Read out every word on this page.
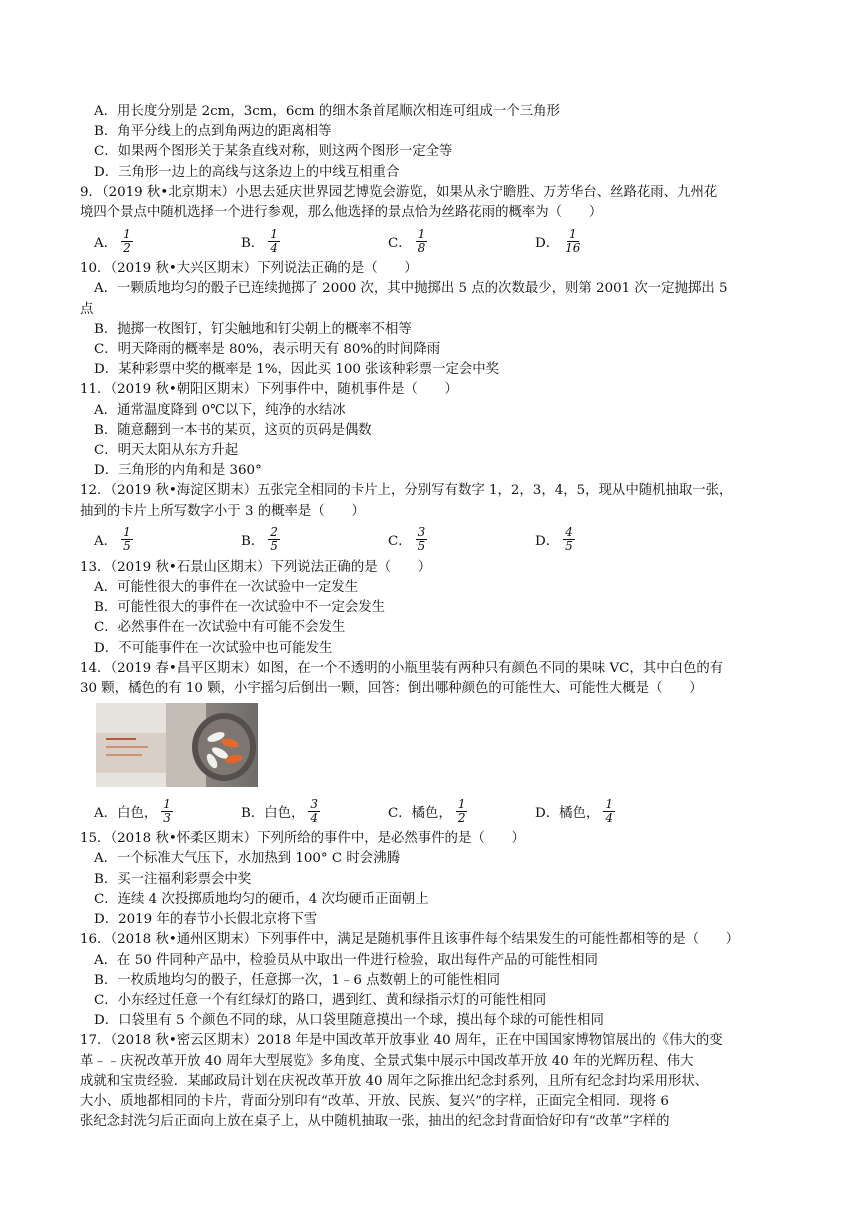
A．用长度分别是 2cm，3cm，6cm 的细木条首尾顺次相连可组成一个三角形
B．角平分线上的点到角两边的距离相等
C．如果两个图形关于某条直线对称，则这两个图形一定全等
D．三角形一边上的高线与这条边上的中线互相重合
9．（2019 秋•北京期末）小思去延庆世界园艺博览会游览，如果从永宁瞻胜、万芳华台、丝路花雨、九州花
境四个景点中随机选择一个进行参观，那么他选择的景点恰为丝路花雨的概率为（　　）
A． $\frac{1}{2}$	B． $\frac{1}{4}$	C． $\frac{1}{8}$	D． $\frac{1}{16}$
10．（2019 秋•大兴区期末）下列说法正确的是（　　）
A．一颗质地均匀的骰子已连续抛掷了 2000 次，其中抛掷出 5 点的次数最少，则第 2001 次一定抛掷出 5
点
B．抛掷一枚图钉，钉尖触地和钉尖朝上的概率不相等
C．明天降雨的概率是 80%，表示明天有 80%的时间降雨
D．某种彩票中奖的概率是 1%，因此买 100 张该种彩票一定会中奖
11．（2019 秋•朝阳区期末）下列事件中，随机事件是（　　）
A．通常温度降到 0℃以下，纯净的水结冰
B．随意翻到一本书的某页，这页的页码是偶数
C．明天太阳从东方升起
D．三角形的内角和是 360°
12．（2019 秋•海淀区期末）五张完全相同的卡片上，分别写有数字 1，2，3，4，5，现从中随机抽取一张，
抽到的卡片上所写数字小于 3 的概率是（　　）
A． $\frac{1}{5}$	B． $\frac{2}{5}$	C． $\frac{3}{5}$	D． $\frac{4}{5}$
13．（2019 秋•石景山区期末）下列说法正确的是（　　）
A．可能性很大的事件在一次试验中一定发生
B．可能性很大的事件在一次试验中不一定会发生
C．必然事件在一次试验中有可能不会发生
D．不可能事件在一次试验中也可能发生
14．（2019 春•昌平区期末）如图，在一个不透明的小瓶里装有两种只有颜色不同的果味 VC，其中白色的有
30 颗，橘色的有 10 颗，小宇摇匀后倒出一颗，回答：倒出哪种颜色的可能性大、可能性大概是（　　）
A． 白色， $\frac{1}{3}$	B． 白色， $\frac{3}{4}$	C． 橘色， $\frac{1}{2}$	D． 橘色， $\frac{1}{4}$
15．（2018 秋•怀柔区期末）下列所给的事件中，是必然事件的是（　　）
A．一个标准大气压下，水加热到 100° C 时会沸腾
B．买一注福利彩票会中奖
C．连续 4 次投掷质地均匀的硬币，4 次均硬币正面朝上
D．2019 年的春节小长假北京将下雪
16．（2018 秋•通州区期末）下列事件中，满足是随机事件且该事件每个结果发生的可能性都相等的是（　　）
A．在 50 件同种产品中，检验员从中取出一件进行检验，取出每件产品的可能性相同
B．一枚质地均匀的骰子，任意掷一次，1﹣6 点数朝上的可能性相同
C．小东经过任意一个有红绿灯的路口，遇到红、黄和绿指示灯的可能性相同
D．口袋里有 5 个颜色不同的球，从口袋里随意摸出一个球，摸出每个球的可能性相同
17．（2018 秋•密云区期末）2018 年是中国改革开放事业 40 周年，正在中国国家博物馆展出的《伟大的变
革﹣﹣庆祝改革开放 40 周年大型展览》多角度、全景式集中展示中国改革开放 40 年的光辉历程、伟大
成就和宝贵经验．某邮政局计划在庆祝改革开放 40 周年之际推出纪念封系列，且所有纪念封均采用形状、
大小、质地都相同的卡片，背面分别印有“改革、开放、民族、复兴”的字样，正面完全相同．现将 6
张纪念封洗匀后正面向上放在桌子上，从中随机抽取一张，抽出的纪念封背面恰好印有“改革”字样的
